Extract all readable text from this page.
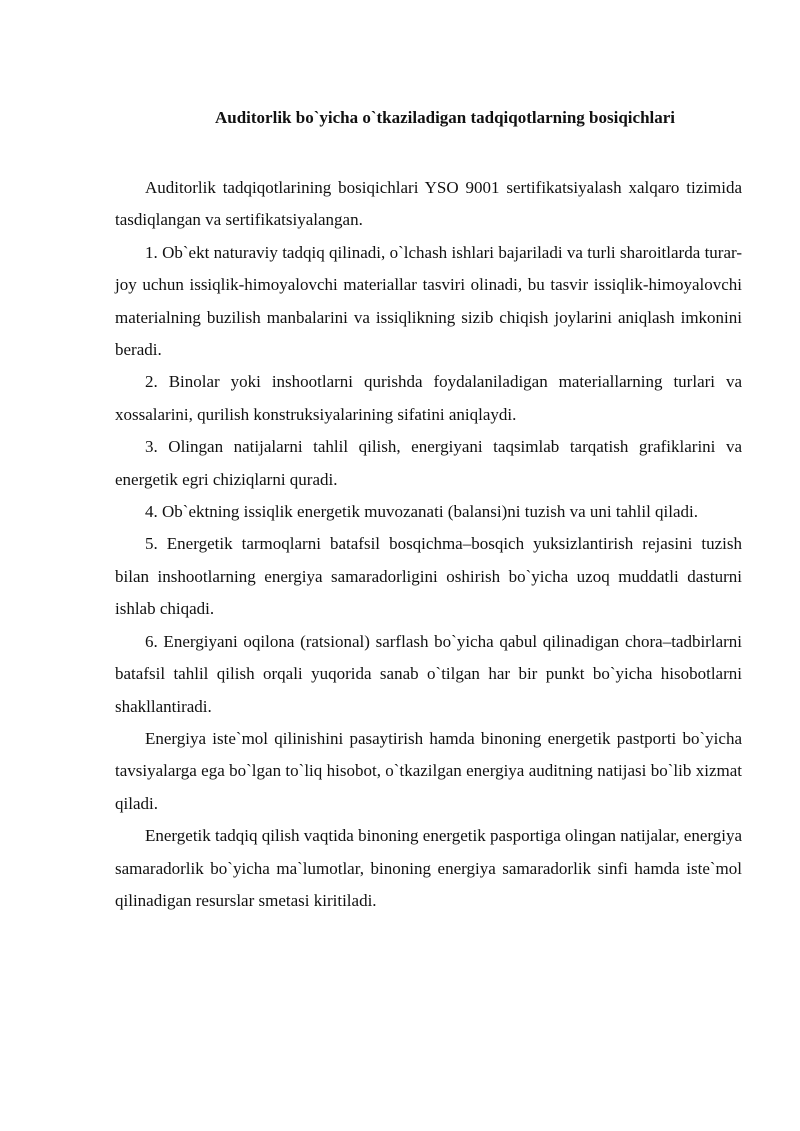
Auditorlik bo`yicha o`tkaziladigan tadqiqotlarning bosiqichlari

Auditorlik tadqiqotlarining bosiqichlari YSO 9001 sertifikatsiyalash xalqaro tizimida tasdiqlangan va sertifikatsiyalangan.

1. Ob`ekt naturaviy tadqiq qilinadi, o`lchash ishlari bajariladi va turli sharoitlarda turar-joy uchun issiqlik-himoyalovchi materiallar tasviri olinadi, bu tasvir issiqlik-himoyalovchi materialning buzilish manbalarini va issiqlikning sizib chiqish joylarini aniqlash imkonini beradi.

2. Binolar yoki inshootlarni qurishda foydalaniladigan materiallarning turlari va xossalarini, qurilish konstruksiyalarining sifatini aniqlaydi.

3. Olingan natijalarni tahlil qilish, energiyani taqsimlab tarqatish grafiklarini va energetik egri chiziqlarni quradi.

4. Ob`ektning issiqlik energetik muvozanati (balansi)ni tuzish va uni tahlil qiladi.

5. Energetik tarmoqlarni batafsil bosqichma–bosqich yuksizlantirish rejasini tuzish bilan inshootlarning energiya samaradorligini oshirish bo`yicha uzoq muddatli dasturni ishlab chiqadi.

6. Energiyani oqilona (ratsional) sarflash bo`yicha qabul qilinadigan chora–tadbirlarni batafsil tahlil qilish orqali yuqorida sanab o`tilgan har bir punkt bo`yicha hisobotlarni shakllantiradi.

Energiya iste`mol qilinishini pasaytirish hamda binoning energetik pastporti bo`yicha tavsiyalarga ega bo`lgan to`liq hisobot, o`tkazilgan energiya auditning natijasi bo`lib xizmat qiladi.

Energetik tadqiq qilish vaqtida binoning energetik pasportiga olingan natijalar, energiya samaradorlik bo`yicha ma`lumotlar, binoning energiya samaradorlik sinfi hamda iste`mol qilinadigan resurslar smetasi kiritiladi.
